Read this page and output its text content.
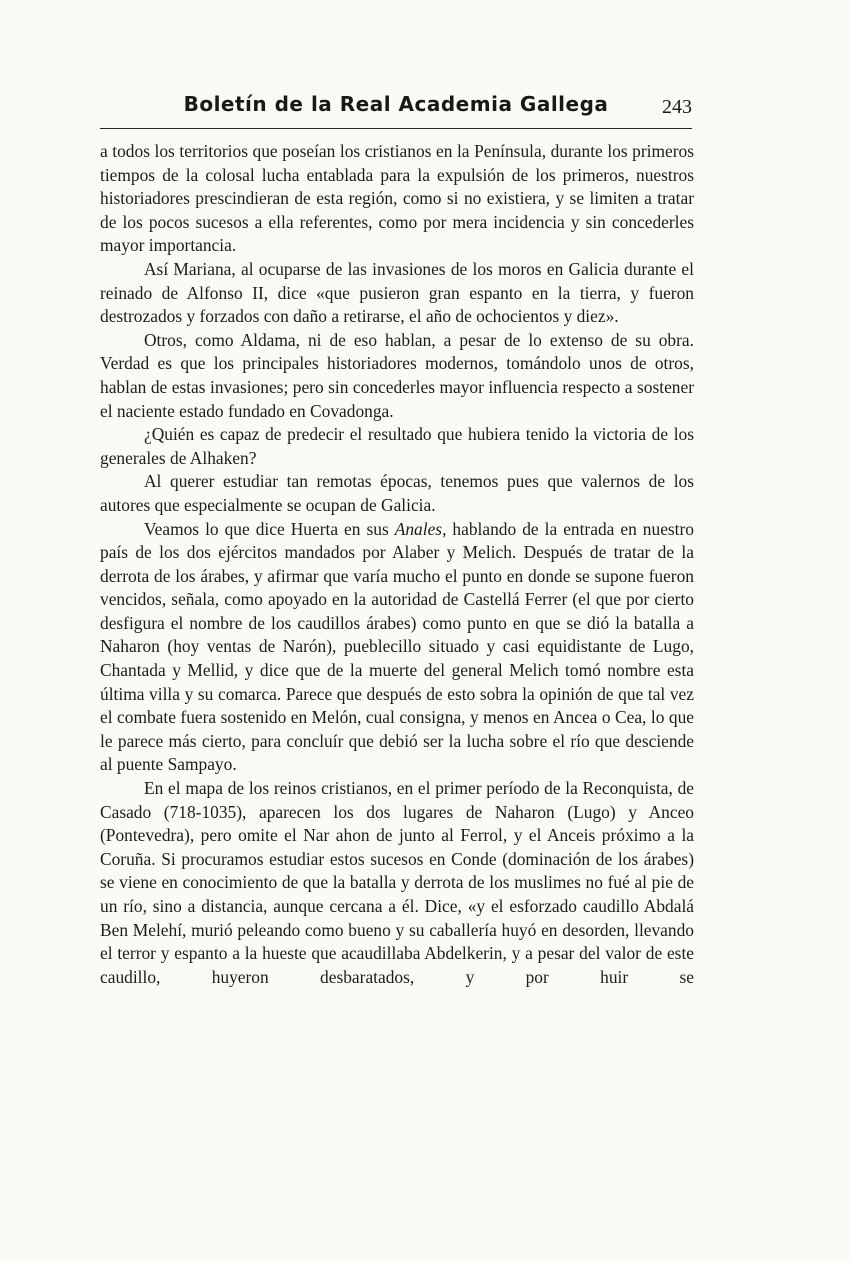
Boletín de la Real Academia Gallega	243

a todos los territorios que poseían los cristianos en la Península, durante los primeros tiempos de la colosal lucha entablada para la expulsión de los primeros, nuestros historiadores prescindieran de esta región, como si no existiera, y se limiten a tratar de los pocos sucesos a ella referentes, como por mera incidencia y sin concederles mayor importancia.

Así Mariana, al ocuparse de las invasiones de los moros en Galicia durante el reinado de Alfonso II, dice «que pusieron gran espanto en la tierra, y fueron destrozados y forzados con daño a retirarse, el año de ochocientos y diez».

Otros, como Aldama, ni de eso hablan, a pesar de lo extenso de su obra. Verdad es que los principales historiadores modernos, tomándolo unos de otros, hablan de estas invasiones; pero sin concederles mayor influencia respecto a sostener el naciente estado fundado en Covadonga.

¿Quién es capaz de predecir el resultado que hubiera tenido la victoria de los generales de Alhaken?

Al querer estudiar tan remotas épocas, tenemos pues que valernos de los autores que especialmente se ocupan de Galicia.

Veamos lo que dice Huerta en sus Anales, hablando de la entrada en nuestro país de los dos ejércitos mandados por Alaber y Melich. Después de tratar de la derrota de los árabes, y afirmar que varía mucho el punto en donde se supone fueron vencidos, señala, como apoyado en la autoridad de Castellá Ferrer (el que por cierto desfigura el nombre de los caudillos árabes) como punto en que se dió la batalla a Naharon (hoy ventas de Narón), pueblecillo situado y casi equidistante de Lugo, Chantada y Mellid, y dice que de la muerte del general Melich tomó nombre esta última villa y su comarca. Parece que después de esto sobra la opinión de que tal vez el combate fuera sostenido en Melón, cual consigna, y menos en Ancea o Cea, lo que le parece más cierto, para concluír que debió ser la lucha sobre el río que desciende al puente Sampayo.

En el mapa de los reinos cristianos, en el primer período de la Reconquista, de Casado (718-1035), aparecen los dos lugares de Naharon (Lugo) y Anceo (Pontevedra), pero omite el Nar ahon de junto al Ferrol, y el Anceis próximo a la Coruña. Si procuramos estudiar estos sucesos en Conde (dominación de los árabes) se viene en conocimiento de que la batalla y derrota de los muslimes no fué al pie de un río, sino a distancia, aunque cercana a él. Dice, «y el esforzado caudillo Abdalá Ben Melehí, murió peleando como bueno y su caballería huyó en desorden, llevando el terror y espanto a la hueste que acaudillaba Abdelkerin, y a pesar del valor de este caudillo, huyeron desbaratados, y por huir se
